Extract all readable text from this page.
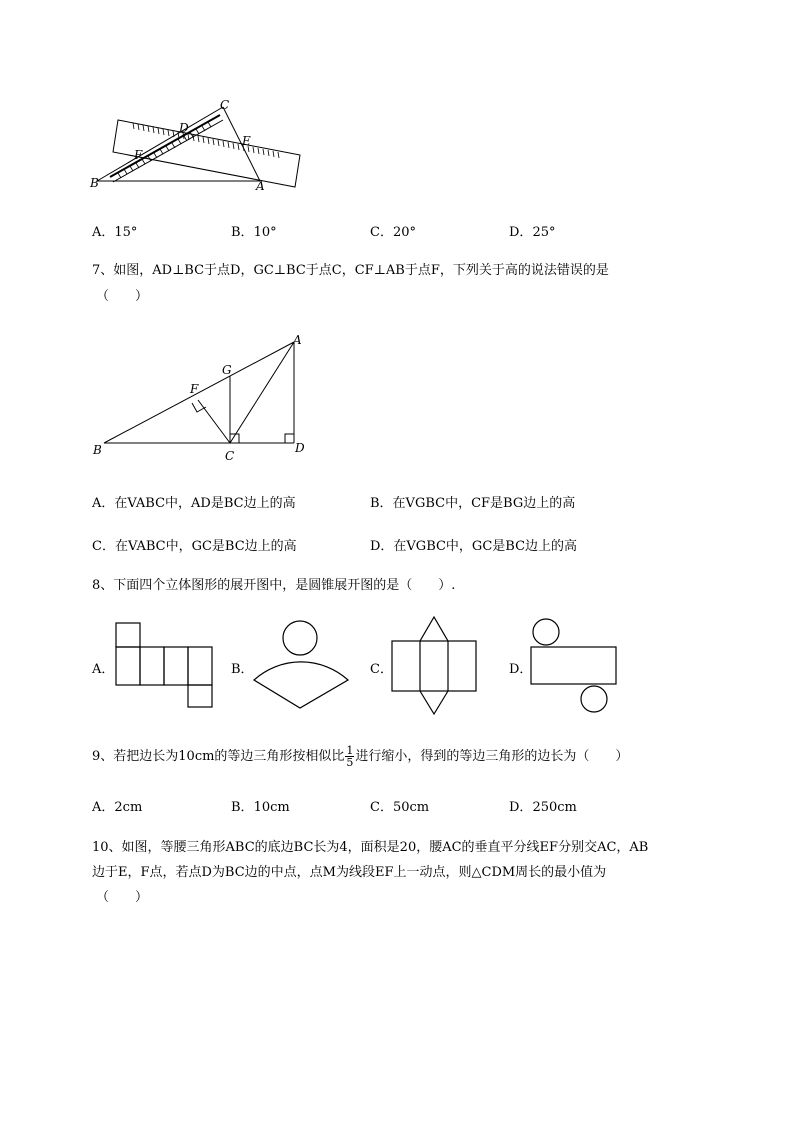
C
D
E
F
B	A
A．15°	B．10°	C．20°	D．25°
7、如图，AD⊥BC于点D，GC⊥BC于点C，CF⊥AB于点F，下列关于高的说法错误的是
（　　）
A
G
F
B	C
D
A．在VABC中，AD是BC边上的高	B．在VGBC中，CF是BG边上的高
C．在VABC中，GC是BC边上的高	D．在VGBC中，GC是BC边上的高
8、下面四个立体图形的展开图中，是圆锥展开图的是（　　）.
A．	B．	C．	D．
9、若把边长为10cm的等边三角形按相似比 $\frac{1}{5}$ 进行缩小，得到的等边三角形的边长为（　　）
A．2cm	B．10cm	C．50cm	D．250cm
10、如图，等腰三角形ABC的底边BC长为4，面积是20，腰AC的垂直平分线EF分别交AC，AB
边于E，F点，若点D为BC边的中点，点M为线段EF上一动点，则△CDM周长的最小值为
（　　）
